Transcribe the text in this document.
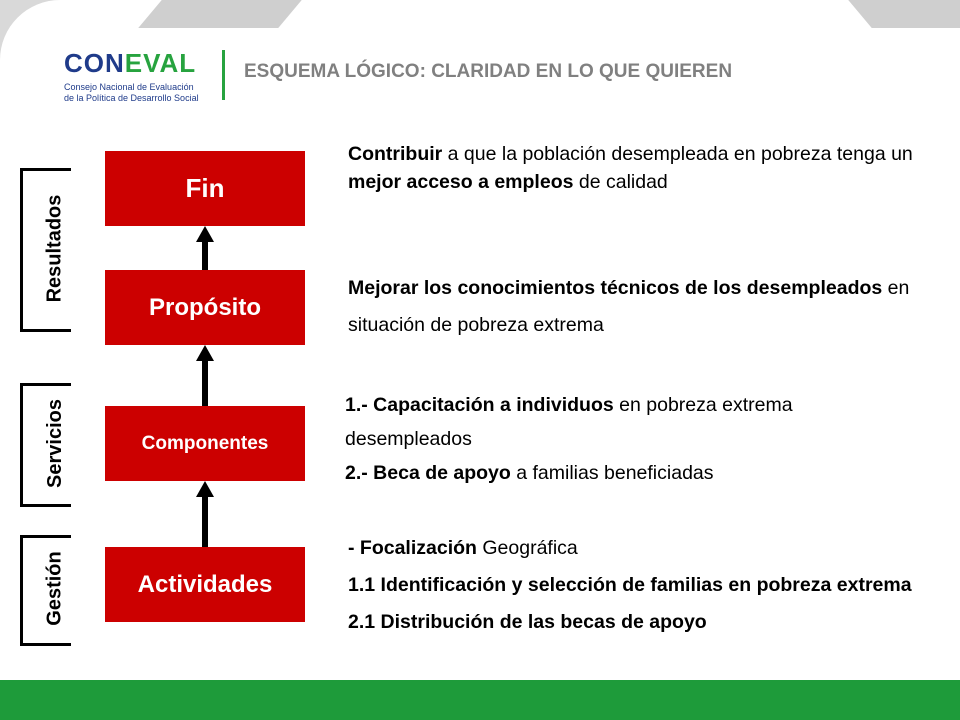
CONEVAL
Consejo Nacional de Evaluación
de la Política de Desarrollo Social
ESQUEMA LÓGICO: CLARIDAD EN LO QUE QUIEREN
Resultados
Servicios
Gestión
Fin
Propósito
Componentes
Actividades
Contribuir a que la población desempleada en pobreza tenga un mejor acceso a empleos de calidad
Mejorar los conocimientos técnicos de los desempleados en situación de pobreza extrema
1.- Capacitación a individuos en pobreza extrema desempleados
2.- Beca de apoyo a familias beneficiadas
- Focalización Geográfica
1.1 Identificación y selección de familias en pobreza extrema
2.1 Distribución de las becas de apoyo
